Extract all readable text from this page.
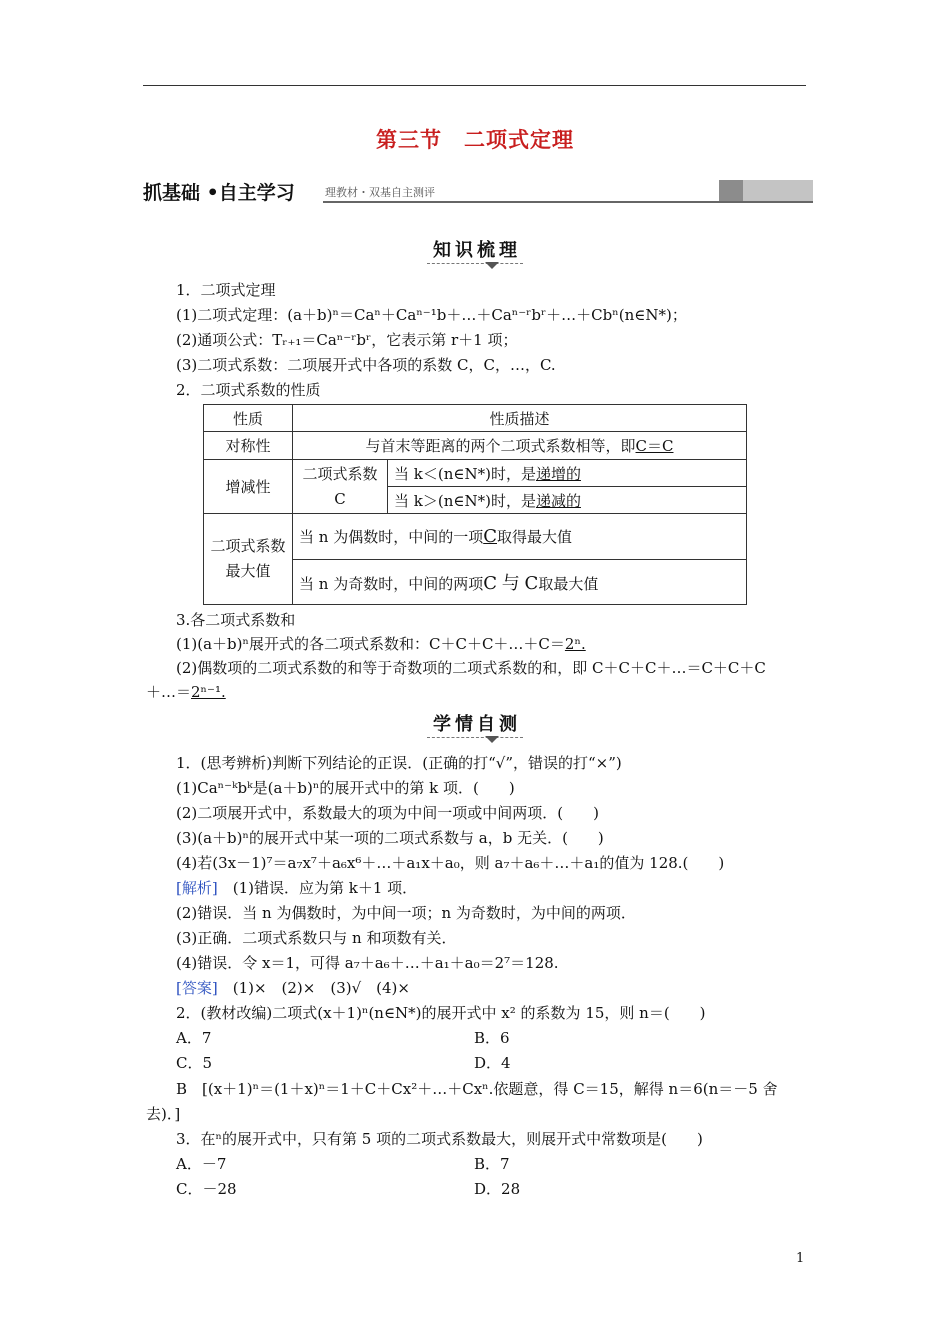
第三节　二项式定理
抓基础 •自主学习	理教材・双基自主测评
知识梳理
1．二项式定理
(1)二项式定理：(a＋b)ⁿ＝Caⁿ＋Caⁿ⁻¹b＋…＋Caⁿ⁻ʳbʳ＋…＋Cbⁿ(n∈N*)；
(2)通项公式：Tᵣ₊₁＝Caⁿ⁻ʳbʳ，它表示第 r＋1 项；
(3)二项式系数：二项展开式中各项的系数 C，C，…，C.
2．二项式系数的性质
性质	性质描述	
对称性	与首末等距离的两个二项式系数相等，即C＝C	
增减性	二项式系数C	当 k＜(n∈N*)时，是递增的
		当 k＞(n∈N*)时，是递减的
二项式系数最大值	当 n 为偶数时，中间的一项C取得最大值	
	当 n 为奇数时，中间的两项C 与 C取最大值	
3.各二项式系数和
(1)(a＋b)ⁿ展开式的各二项式系数和：C＋C＋C＋…＋C＝2ⁿ.
(2)偶数项的二项式系数的和等于奇数项的二项式系数的和，即 C＋C＋C＋…＝C＋C＋C
＋…＝2ⁿ⁻¹.
学情自测
1．(思考辨析)判断下列结论的正误．(正确的打“√”，错误的打“×”)
(1)Caⁿ⁻ᵏbᵏ是(a＋b)ⁿ的展开式中的第 k 项．(　　)
(2)二项展开式中，系数最大的项为中间一项或中间两项．(　　)
(3)(a＋b)ⁿ的展开式中某一项的二项式系数与 a，b 无关．(　　)
(4)若(3x－1)⁷＝a₇x⁷＋a₆x⁶＋…＋a₁x＋a₀，则 a₇＋a₆＋…＋a₁的值为 128.(　　)
[解析]　(1)错误．应为第 k＋1 项．
(2)错误．当 n 为偶数时，为中间一项；n 为奇数时，为中间的两项．
(3)正确．二项式系数只与 n 和项数有关．
(4)错误．令 x＝1，可得 a₇＋a₆＋…＋a₁＋a₀＝2⁷＝128.
[答案]　(1)×　(2)×　(3)√　(4)×
2．(教材改编)二项式(x＋1)ⁿ(n∈N*)的展开式中 x² 的系数为 15，则 n＝(　　)
A．7	B．6
C．5	D．4
B　[(x＋1)ⁿ＝(1＋x)ⁿ＝1＋C＋Cx²＋…＋Cxⁿ.依题意，得 C＝15，解得 n＝6(n＝－5 舍
去)．]
3．在ⁿ的展开式中，只有第 5 项的二项式系数最大，则展开式中常数项是(　　)
A．－7	B．7
C．－28	D．28
1
